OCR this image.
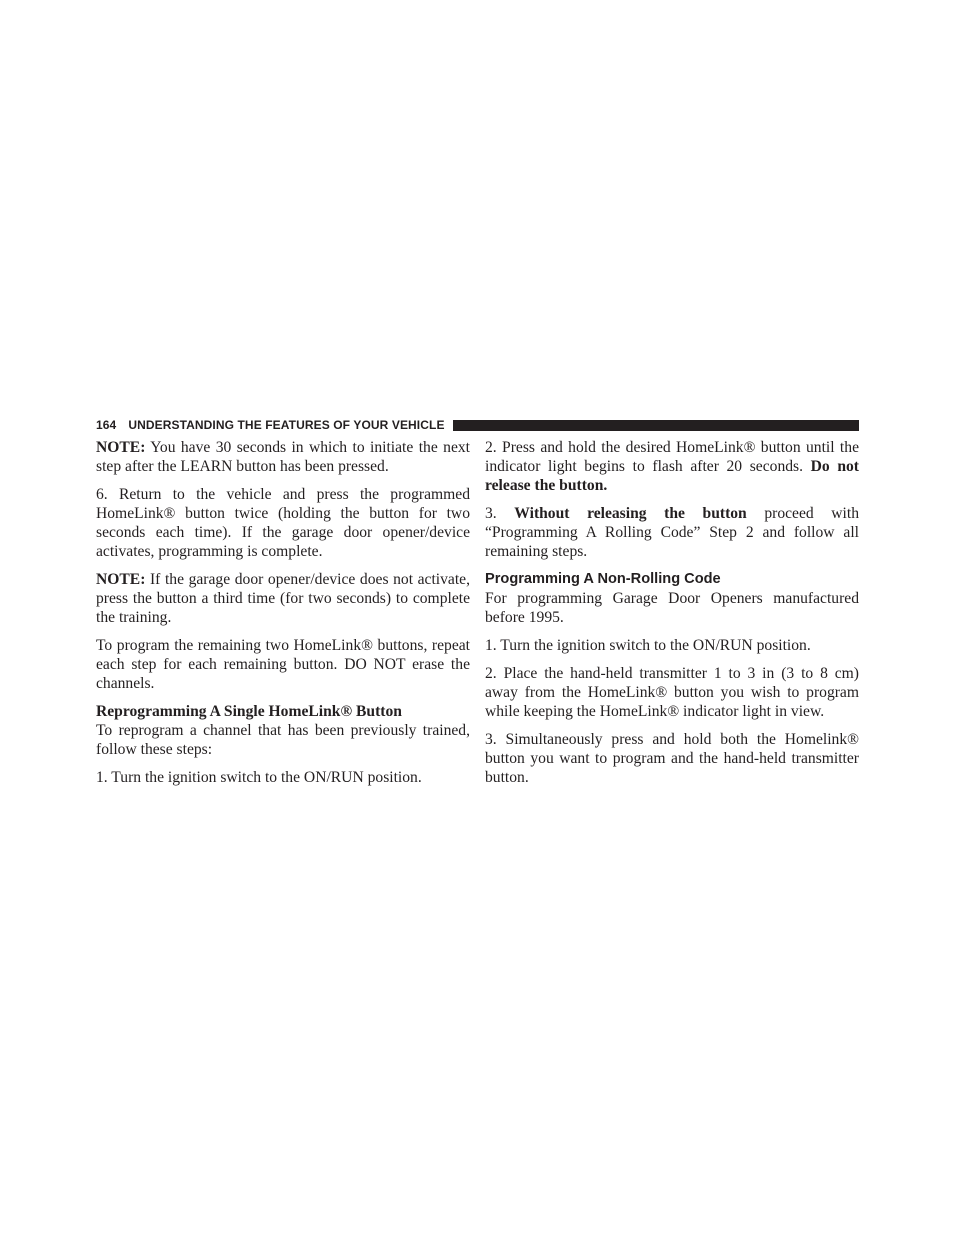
164 UNDERSTANDING THE FEATURES OF YOUR VEHICLE

NOTE: You have 30 seconds in which to initiate the next step after the LEARN button has been pressed.

6. Return to the vehicle and press the programmed HomeLink® button twice (holding the button for two seconds each time). If the garage door opener/device activates, programming is complete.

NOTE: If the garage door opener/device does not activate, press the button a third time (for two seconds) to complete the training.

To program the remaining two HomeLink® buttons, repeat each step for each remaining button. DO NOT erase the channels.

Reprogramming A Single HomeLink® Button

To reprogram a channel that has been previously trained, follow these steps:

1. Turn the ignition switch to the ON/RUN position.

2. Press and hold the desired HomeLink® button until the indicator light begins to flash after 20 seconds. Do not release the button.

3. Without releasing the button proceed with “Programming A Rolling Code” Step 2 and follow all remaining steps.

Programming A Non-Rolling Code

For programming Garage Door Openers manufactured before 1995.

1. Turn the ignition switch to the ON/RUN position.

2. Place the hand-held transmitter 1 to 3 in (3 to 8 cm) away from the HomeLink® button you wish to program while keeping the HomeLink® indicator light in view.

3. Simultaneously press and hold both the Homelink® button you want to program and the hand-held transmitter button.
